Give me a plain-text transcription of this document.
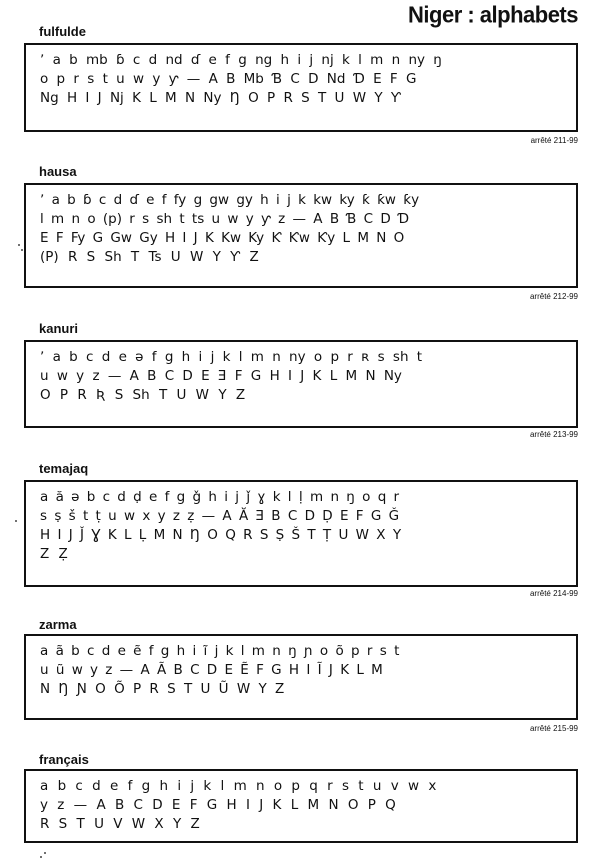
Niger : alphabets
fulfulde
ʼ a b mb ɓ c d nd ɗ e f g ng h i j nj k l m n ny ŋ
o p r s t u w y ƴ — A B Mb Ɓ C D Nd Ɗ E F G
Ng H I J Nj K L M N Ny Ŋ O P R S T U W Y Ƴ
arrêté 211-99
hausa
ʼ a b ɓ c d ɗ e f fy g gw gy h i j k kw ky ƙ ƙw ƙy
l m n o (p) r s sh t ts u w y ƴ z — A B Ɓ C D Ɗ
E F Fy G Gw Gy H I J K Kw Ky Ƙ Ƙw Ƙy L M N O
(P) R S Sh T Ts U W Y Ƴ Z
arrêté 212-99
kanuri
ʼ a b c d e ǝ f g h i j k l m n ny o p r ʀ s sh t
u w y z — A B C D E Ǝ F G H I J K L M N Ny
O P R Ʀ S Sh T U W Y Z
arrêté 213-99
temajaq
a ă ǝ b c d ḍ e f g ǧ h i j ǰ ɣ k l ḷ m n ŋ o q r
s ṣ š t ṭ u w x y z ẓ — A Ă Ǝ B C D Ḍ E F G Ǧ
H I J J̌ Ɣ K L Ḷ M N Ŋ O Q R S Ṣ Š T Ṭ U W X Y
Z Ẓ
arrêté 214-99
zarma
a ã b c d e ẽ f g h i ĩ j k l m n ŋ ɲ o õ p r s t
u ũ w y z — A Ã B C D E Ẽ F G H I Ĩ J K L M
N Ŋ Ɲ O Õ P R S T U Ũ W Y Z
arrêté 215-99
français
a b c d e f g h i j k l m n o p q r s t u v w x
y z — A B C D E F G H I J K L M N O P Q
R S T U V W X Y Z
